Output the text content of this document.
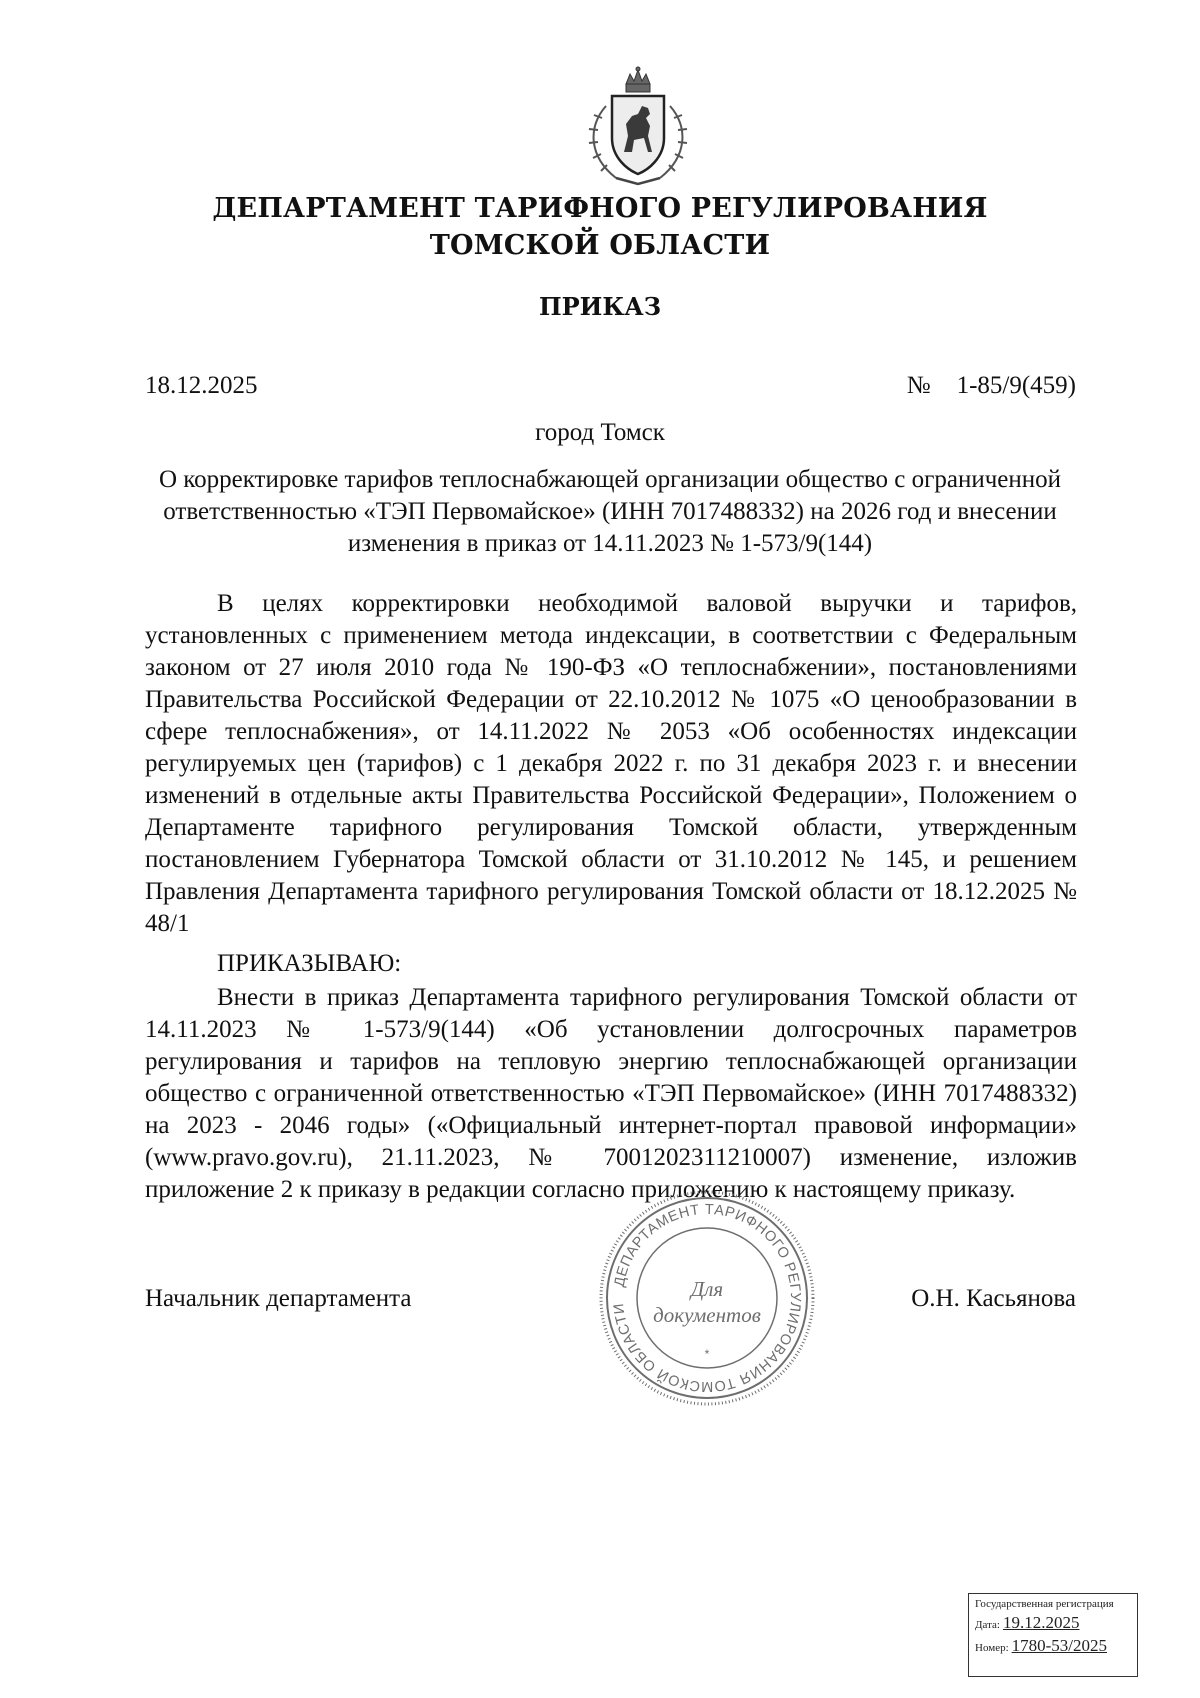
ДЕПАРТАМЕНТ ТАРИФНОГО РЕГУЛИРОВАНИЯ
ТОМСКОЙ ОБЛАСТИ
ПРИКАЗ
18.12.2025	№ 1-85/9(459)
город Томск
О корректировке тарифов теплоснабжающей организации общество с ограниченной ответственностью «ТЭП Первомайское» (ИНН 7017488332) на 2026 год и внесении изменения в приказ от 14.11.2023 № 1-573/9(144)

В целях корректировки необходимой валовой выручки и тарифов, установленных с применением метода индексации, в соответствии с Федеральным законом от 27 июля 2010 года № 190-ФЗ «О теплоснабжении», постановлениями Правительства Российской Федерации от 22.10.2012 № 1075 «О ценообразовании в сфере теплоснабжения», от 14.11.2022 № 2053 «Об особенностях индексации регулируемых цен (тарифов) с 1 декабря 2022 г. по 31 декабря 2023 г. и внесении изменений в отдельные акты Правительства Российской Федерации», Положением о Департаменте тарифного регулирования Томской области, утвержденным постановлением Губернатора Томской области от 31.10.2012 № 145, и решением Правления Департамента тарифного регулирования Томской области от 18.12.2025 № 48/1

ПРИКАЗЫВАЮ:

Внести в приказ Департамента тарифного регулирования Томской области от 14.11.2023 № 1-573/9(144) «Об установлении долгосрочных параметров регулирования и тарифов на тепловую энергию теплоснабжающей организации общество с ограниченной ответственностью «ТЭП Первомайское» (ИНН 7017488332) на 2023 - 2046 годы» («Официальный интернет-портал правовой информации» (www.pravo.gov.ru), 21.11.2023, № 7001202311210007) изменение, изложив приложение 2 к приказу в редакции согласно приложению к настоящему приказу.

Начальник департамента	О.Н. Касьянова
ДЕПАРТАМЕНТ ТАРИФНОГО РЕГУЛИРОВАНИЯ ТОМСКОЙ ОБЛАСТИ
*
Для
документов
Государственная регистрация
Дата: 19.12.2025
Номер: 1780-53/2025
